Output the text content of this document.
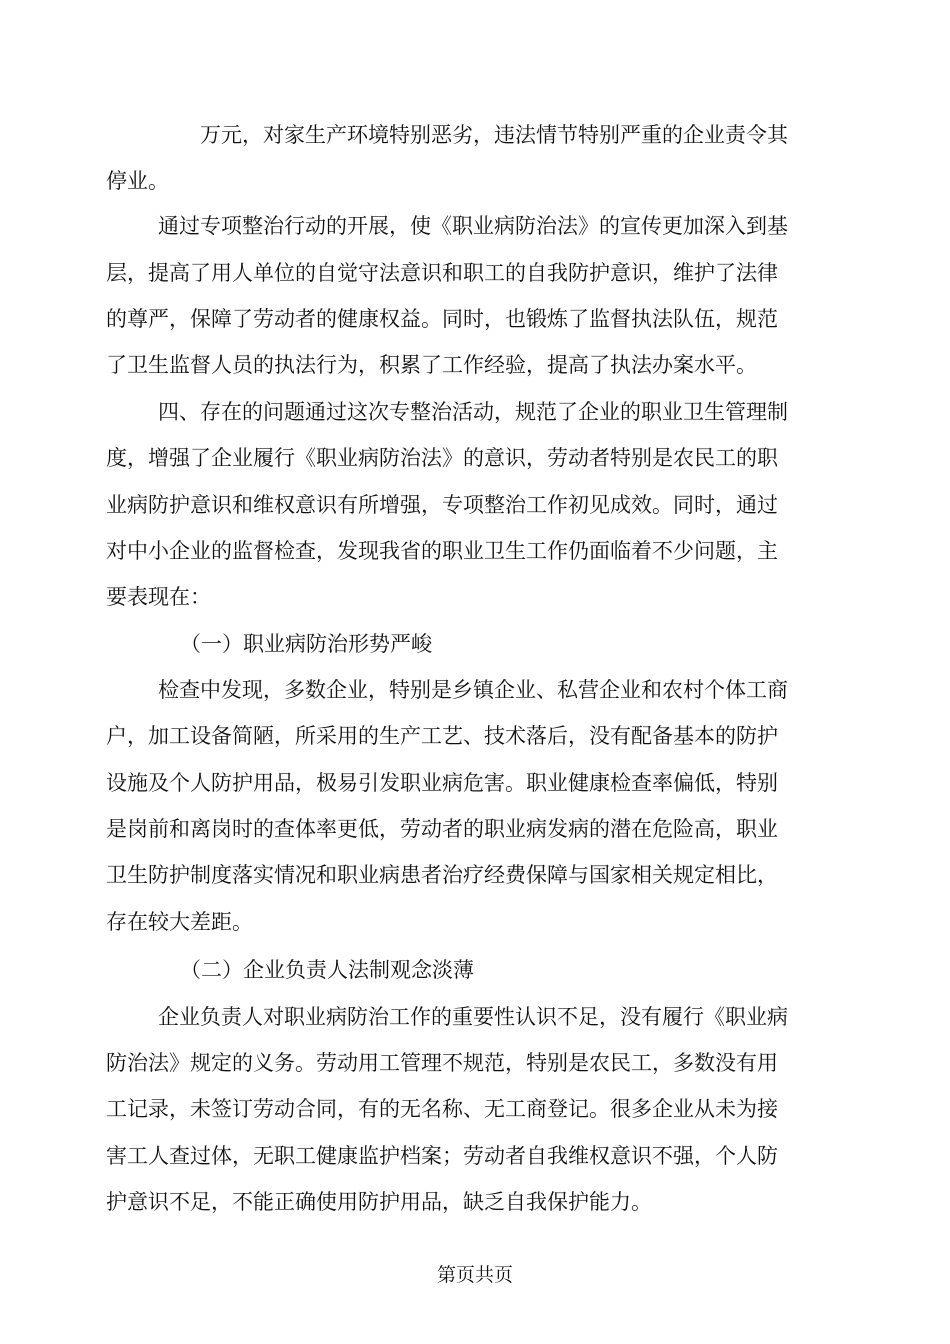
万元，对家生产环境特别恶劣，违法情节特别严重的企业责令其
停业。
通过专项整治行动的开展，使《职业病防治法》的宣传更加深入到基
层，提高了用人单位的自觉守法意识和职工的自我防护意识，维护了法律
的尊严，保障了劳动者的健康权益。同时，也锻炼了监督执法队伍，规范
了卫生监督人员的执法行为，积累了工作经验，提高了执法办案水平。
四、存在的问题通过这次专整治活动，规范了企业的职业卫生管理制
度，增强了企业履行《职业病防治法》的意识，劳动者特别是农民工的职
业病防护意识和维权意识有所增强，专项整治工作初见成效。同时，通过
对中小企业的监督检查，发现我省的职业卫生工作仍面临着不少问题，主
要表现在：
（一）职业病防治形势严峻
检查中发现，多数企业，特别是乡镇企业、私营企业和农村个体工商
户，加工设备简陋，所采用的生产工艺、技术落后，没有配备基本的防护
设施及个人防护用品，极易引发职业病危害。职业健康检查率偏低，特别
是岗前和离岗时的查体率更低，劳动者的职业病发病的潜在危险高，职业
卫生防护制度落实情况和职业病患者治疗经费保障与国家相关规定相比，
存在较大差距。
（二）企业负责人法制观念淡薄
企业负责人对职业病防治工作的重要性认识不足，没有履行《职业病
防治法》规定的义务。劳动用工管理不规范，特别是农民工，多数没有用
工记录，未签订劳动合同，有的无名称、无工商登记。很多企业从未为接
害工人查过体，无职工健康监护档案；劳动者自我维权意识不强，个人防
护意识不足，不能正确使用防护用品，缺乏自我保护能力。
第页共页
